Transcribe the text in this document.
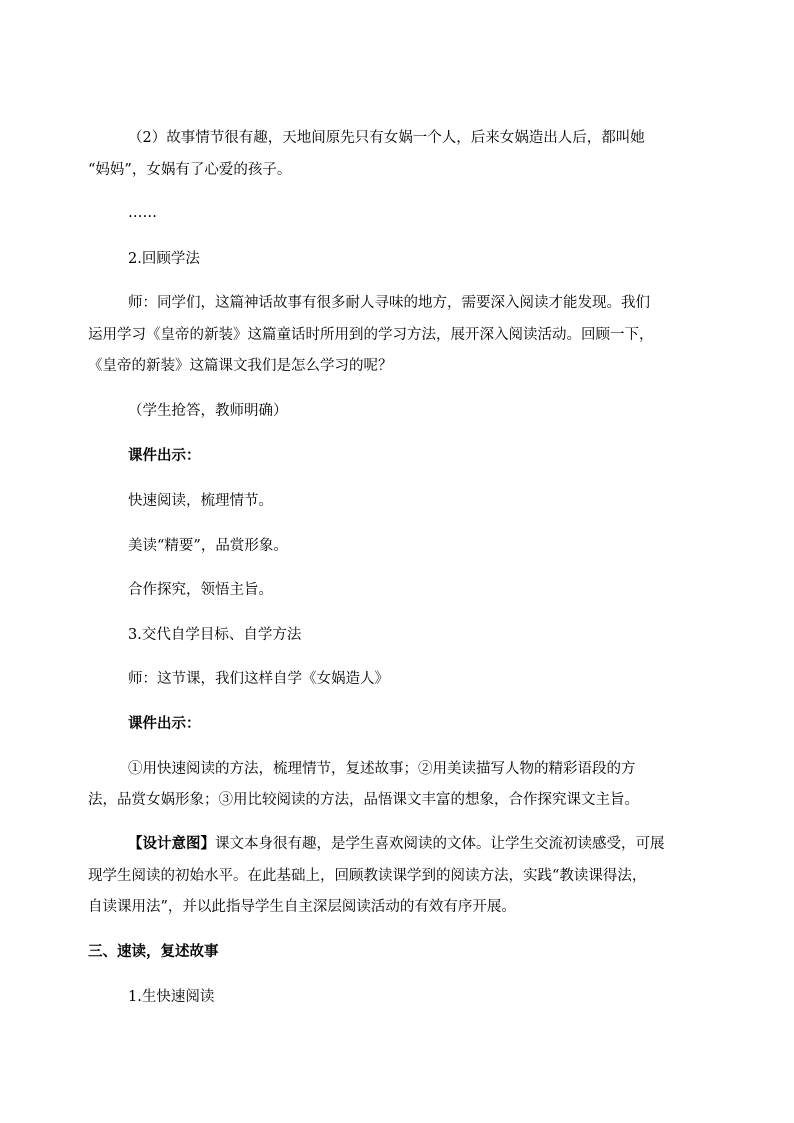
（2）故事情节很有趣，天地间原先只有女娲一个人，后来女娲造出人后，都叫她
“妈妈”，女娲有了心爱的孩子。
……
2.回顾学法
师：同学们，这篇神话故事有很多耐人寻味的地方，需要深入阅读才能发现。我们
运用学习《皇帝的新装》这篇童话时所用到的学习方法，展开深入阅读活动。回顾一下，
《皇帝的新装》这篇课文我们是怎么学习的呢？
（学生抢答，教师明确）
课件出示：
快速阅读，梳理情节。
美读“精要”，品赏形象。
合作探究，领悟主旨。
3.交代自学目标、自学方法
师：这节课，我们这样自学《女娲造人》
课件出示：
①用快速阅读的方法，梳理情节，复述故事；②用美读描写人物的精彩语段的方
法，品赏女娲形象；③用比较阅读的方法，品悟课文丰富的想象，合作探究课文主旨。
【设计意图】课文本身很有趣，是学生喜欢阅读的文体。让学生交流初读感受，可展
现学生阅读的初始水平。在此基础上，回顾教读课学到的阅读方法，实践“教读课得法，
自读课用法”，并以此指导学生自主深层阅读活动的有效有序开展。
三、速读，复述故事
1.生快速阅读
